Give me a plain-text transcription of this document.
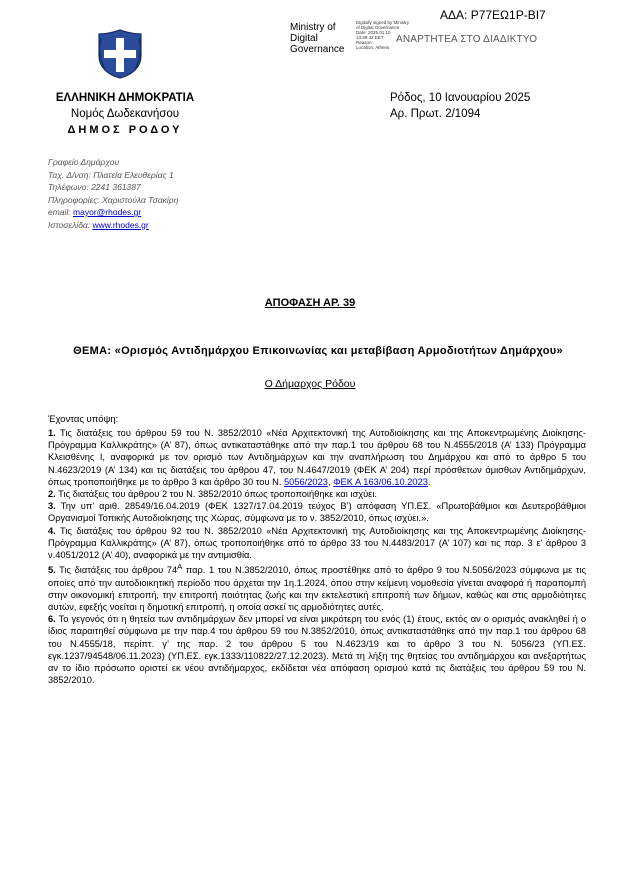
ΑΔΑ: Ρ77ΕΩ1Ρ-ΒΙ7
Ministry of
Digital
Governance
Digitally signed by Ministry
of Digital Governance
Date: 2025.01.10
13:39:42 EET
Reason:
Location: Athens
ΑΝΑΡΤΗΤΕΑ ΣΤΟ ΔΙΑΔΙΚΤΥΟ
ΕΛΛΗΝΙΚΗ ΔΗΜΟΚΡΑΤΙΑ
Νομός Δωδεκανήσου
ΔΗΜΟΣ ΡΟΔΟΥ
Ρόδος, 10 Ιανουαρίου 2025
Αρ. Πρωτ. 2/1094
Γραφείο Δημάρχου
Ταχ. Δ/νση: Πλατεία Ελευθερίας 1
Τηλέφωνο: 2241 361387
Πληροφορίες: Χαριστούλα Τσακίρη
email: mayor@rhodes.gr
Ιστοσελίδα: www.rhodes.gr
ΑΠΟΦΑΣΗ ΑΡ. 39
ΘΕΜΑ: «Ορισμός Αντιδημάρχου Επικοινωνίας και μεταβίβαση Αρμοδιοτήτων Δημάρχου»
Ο Δήμαρχος Ρόδου
Έχοντας υπόψη:

1. Τις διατάξεις του άρθρου 59 του Ν. 3852/2010 «Νέα Αρχιτεκτονική της Αυτοδιοίκησης και της Αποκεντρωμένης Διοίκησης- Πρόγραμμα Καλλικράτης» (Α’ 87), όπως αντικαταστάθηκε από την παρ.1 του άρθρου 68 του Ν.4555/2018 (Α’ 133) Πρόγραμμα Κλεισθένης Ι, αναφορικά με τον ορισμό των Αντιδημάρχων και την αναπλήρωση του Δημάρχου και από το άρθρο 5 του Ν.4623/2019 (Α’ 134) και τις διατάξεις του άρθρου 47, του Ν.4647/2019 (ΦΕΚ Α’ 204) περί πρόσθετων άμισθων Αντιδημάρχων, όπως τροποποιήθηκε με το άρθρο 3 και άρθρο 30 του Ν. 5056/2023, ΦΕΚ Α 163/06.10.2023.

2. Τις διατάξεις του άρθρου 2 του Ν. 3852/2010 όπως τροποποιήθηκε και ισχύει.

3. Την υπ’ αριθ. 28549/16.04.2019 (ΦΕΚ 1327/17.04.2019 τεύχος Β’) απόφαση ΥΠ.ΕΣ. «Πρωτοβάθμιοι και Δευτεροβάθμιοι Οργανισμοί Τοπικής Αυτοδιοίκησης της Χώρας, σύμφωνα με το ν. 3852/2010, όπως ισχύει.».

4. Τις διατάξεις του άρθρου 92 του Ν. 3852/2010 «Νέα Αρχιτεκτονική της Αυτοδιοίκησης και της Αποκεντρωμένης Διοίκησης- Πρόγραμμα Καλλικράτης» (Α’ 87), όπως τροποποιήθηκε από το άρθρο 33 του Ν.4483/2017 (Α’ 107) και τις παρ. 3 ε’ άρθρου 3 ν.4051/2012 (Α’ 40), αναφορικά με την αντιμισθία.

5. Τις διατάξεις του άρθρου $74^A$ παρ. 1 του Ν.3852/2010, όπως προστέθηκε από το άρθρο 9 του Ν.5056/2023 σύμφωνα με τις οποίες από την αυτοδιοικητική περίοδο που άρχεται την 1η.1.2024, όπου στην κείμενη νομοθεσία γίνεται αναφορά ή παραπομπή στην οικονομική επιτροπή, την επιτροπή ποιότητας ζωής και την εκτελεστική επιτροπή των δήμων, καθώς και στις αρμοδιότητες αυτών, εφεξής νοείται η δημοτική επιτροπή, η οποία ασκεί τις αρμοδιότητες αυτές.

6. Το γεγονός ότι η θητεία των αντιδημάρχων δεν μπορεί να είναι μικρότερη του ενός (1) έτους, εκτός αν ο ορισμός ανακληθεί ή ο ίδιος παραιτηθεί σύμφωνα με την παρ.4 του άρθρου 59 του Ν.3852/2010, όπως αντικαταστάθηκε από την παρ.1 του άρθρου 68 του Ν.4555/18, περίπτ. γ’ της παρ. 2 του άρθρου 5 του Ν.4623/19 και το άρθρο 3 του Ν. 5056/23 (ΥΠ.ΕΣ. εγκ.1237/94548/06.11.2023) (ΥΠ.ΕΣ. εγκ.1333/110822/27.12.2023). Μετά τη λήξη της θητείας του αντιδημάρχου και ανεξαρτήτως αν το ίδιο πρόσωπο οριστεί εκ νέου αντιδήμαρχος, εκδίδεται νέα απόφαση ορισμού κατά τις διατάξεις του άρθρου 59 του Ν. 3852/2010.
